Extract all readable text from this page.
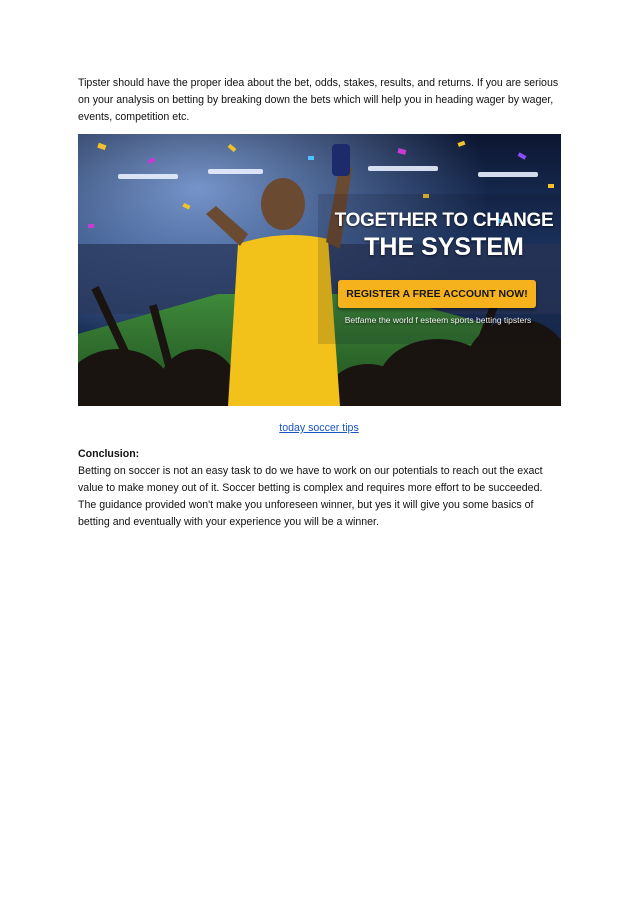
Tipster should have the proper idea about the bet, odds, stakes, results, and returns. If you are serious on your analysis on betting by breaking down the bets which will help you in heading wager by wager, events, competition etc.

TOGETHER TO CHANGE
THE SYSTEM
REGISTER A FREE ACCOUNT NOW!
Betfame the world f esteem sports betting tipsters
today soccer tips

Conclusion:

Betting on soccer is not an easy task to do we have to work on our potentials to reach out the exact value to make money out of it. Soccer betting is complex and requires more effort to be succeeded. The guidance provided won't make you unforeseen winner, but yes it will give you some basics of betting and eventually with your experience you will be a winner.
